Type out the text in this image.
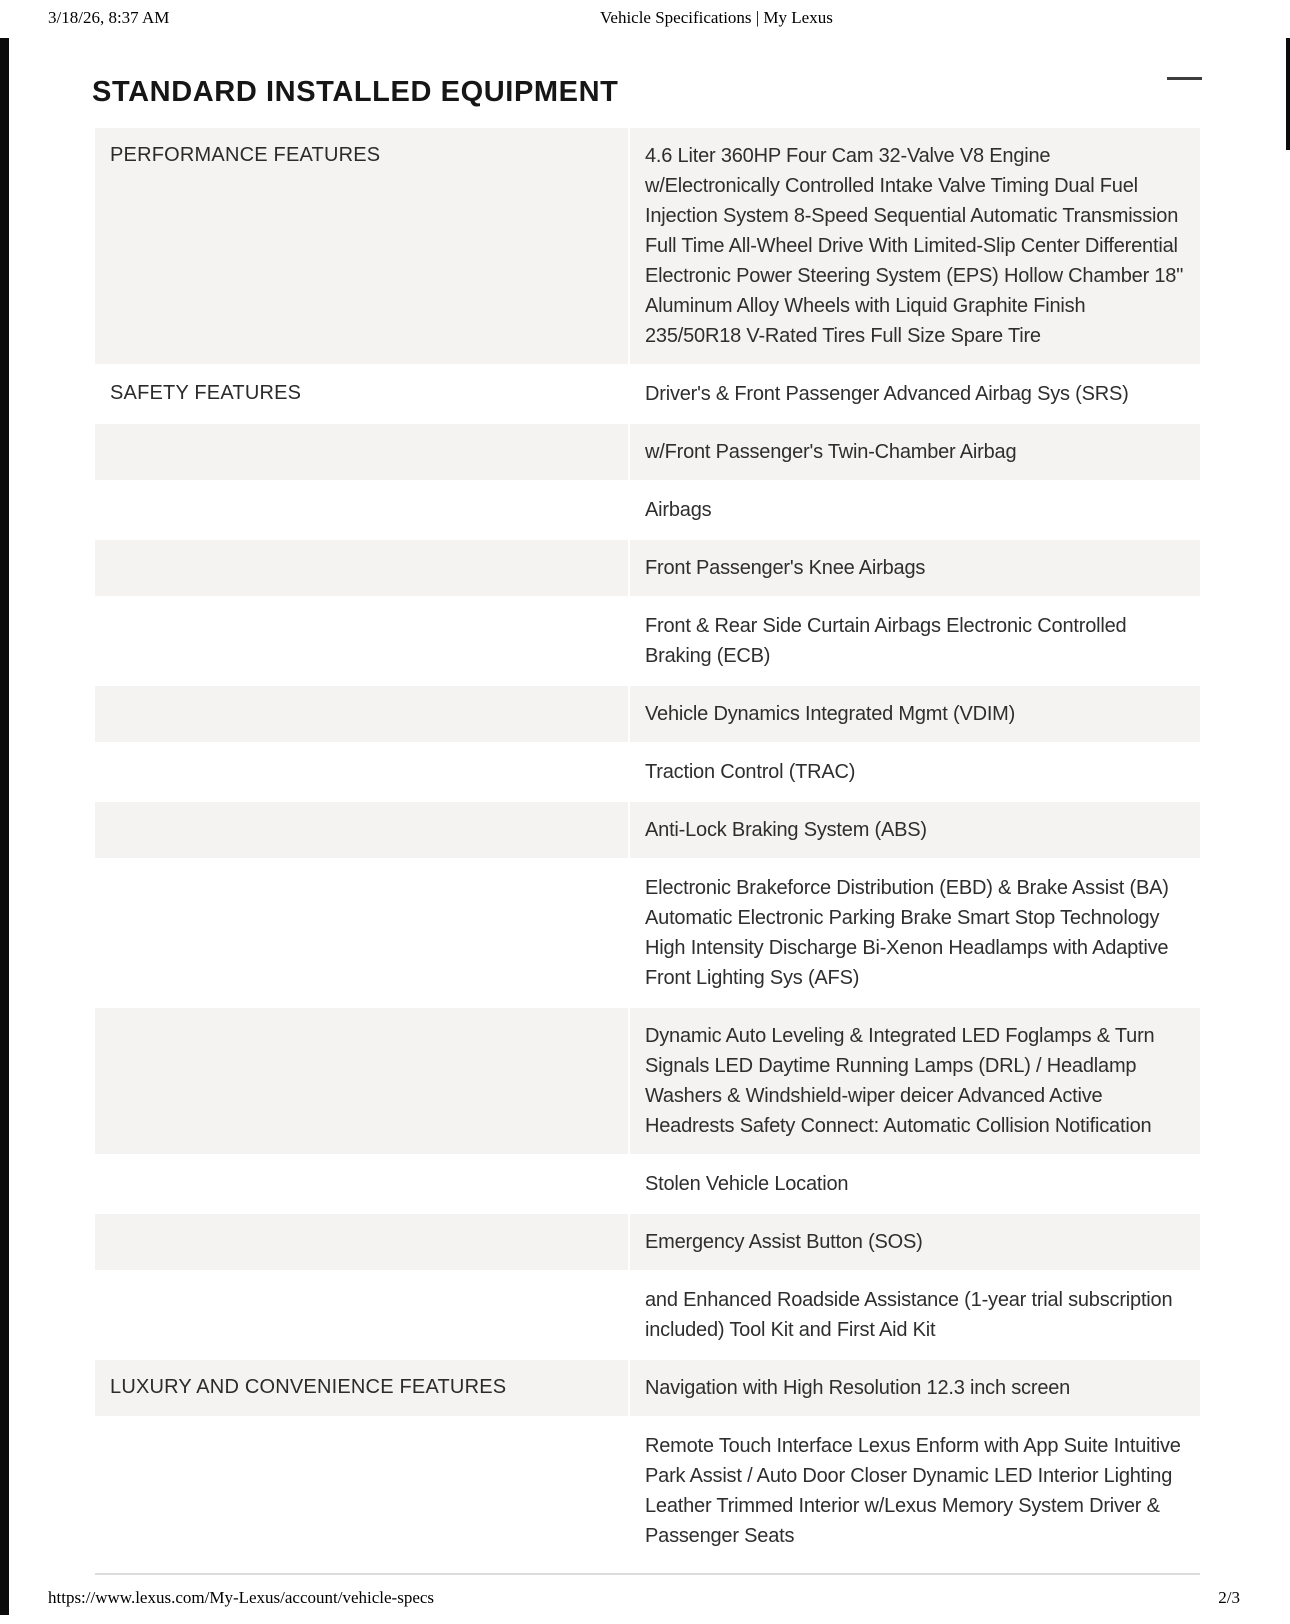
3/18/26, 8:37 AM	Vehicle Specifications | My Lexus
STANDARD INSTALLED EQUIPMENT
PERFORMANCE FEATURES	4.6 Liter 360HP Four Cam 32-Valve V8 Engine w/Electronically Controlled Intake Valve Timing Dual Fuel Injection System 8-Speed Sequential Automatic Transmission Full Time All-Wheel Drive With Limited-Slip Center Differential Electronic Power Steering System (EPS) Hollow Chamber 18" Aluminum Alloy Wheels with Liquid Graphite Finish 235/50R18 V-Rated Tires Full Size Spare Tire
SAFETY FEATURES	Driver's & Front Passenger Advanced Airbag Sys (SRS)
w/Front Passenger's Twin-Chamber Airbag
Airbags
Front Passenger's Knee Airbags
Front & Rear Side Curtain Airbags Electronic Controlled Braking (ECB)
Vehicle Dynamics Integrated Mgmt (VDIM)
Traction Control (TRAC)
Anti-Lock Braking System (ABS)
Electronic Brakeforce Distribution (EBD) & Brake Assist (BA) Automatic Electronic Parking Brake Smart Stop Technology High Intensity Discharge Bi-Xenon Headlamps with Adaptive Front Lighting Sys (AFS)
Dynamic Auto Leveling & Integrated LED Foglamps & Turn Signals LED Daytime Running Lamps (DRL) / Headlamp Washers & Windshield-wiper deicer Advanced Active Headrests Safety Connect: Automatic Collision Notification
Stolen Vehicle Location
Emergency Assist Button (SOS)
and Enhanced Roadside Assistance (1-year trial subscription included) Tool Kit and First Aid Kit
LUXURY AND CONVENIENCE FEATURES	Navigation with High Resolution 12.3 inch screen
Remote Touch Interface Lexus Enform with App Suite Intuitive Park Assist / Auto Door Closer Dynamic LED Interior Lighting Leather Trimmed Interior w/Lexus Memory System Driver & Passenger Seats
https://www.lexus.com/My-Lexus/account/vehicle-specs	2/3
